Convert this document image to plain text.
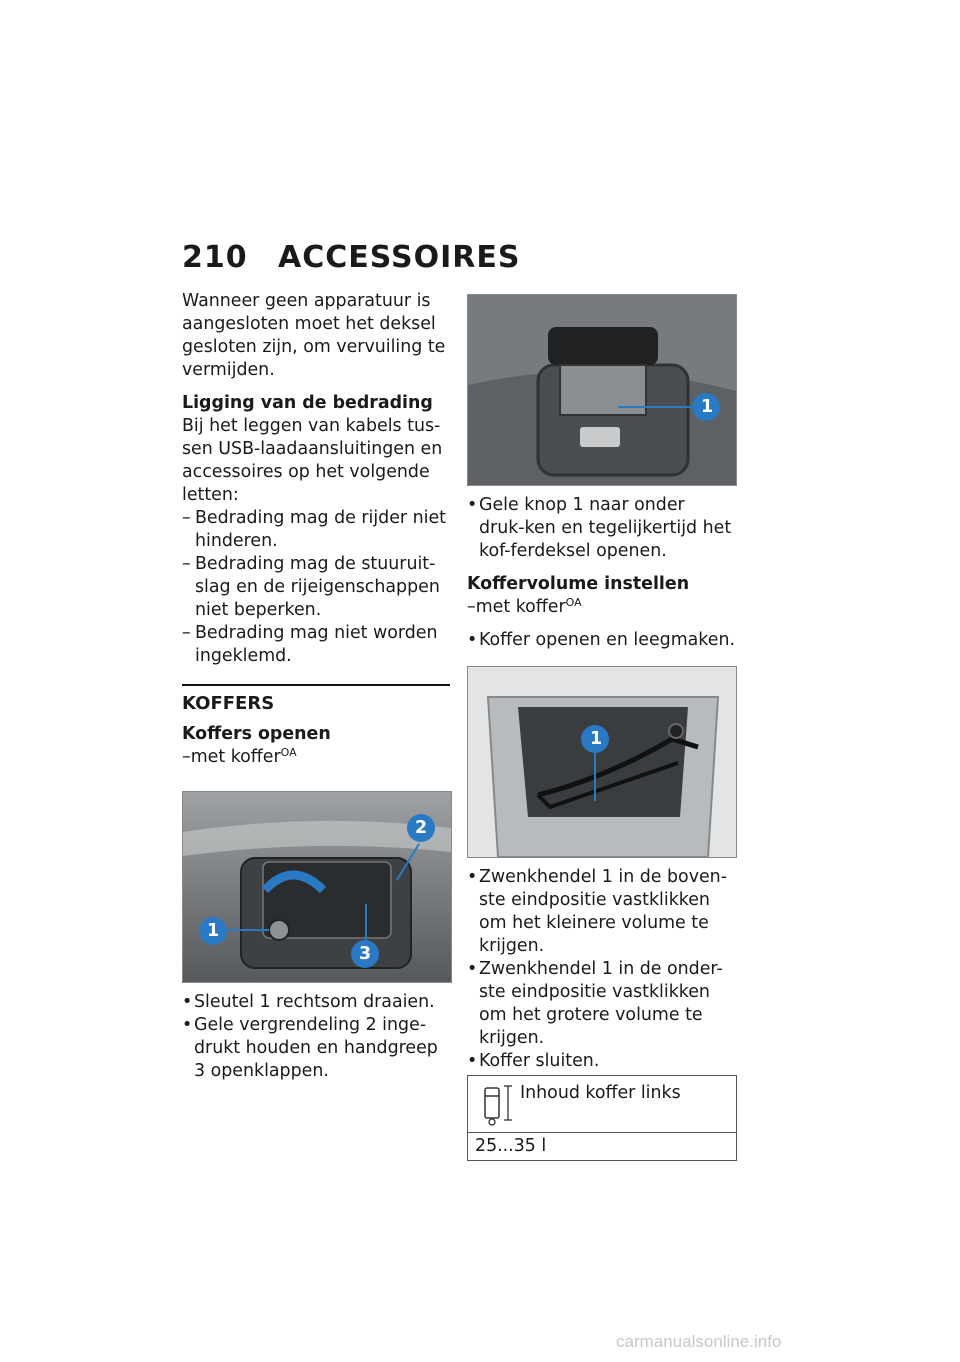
210 ACCESSOIRES

Wanneer geen apparatuur is aangesloten moet het deksel gesloten zijn, om vervuiling te vermijden.

Ligging van de bedrading
Bij het leggen van kabels tus-sen USB-laadaansluitingen en accessoires op het volgende letten:
– Bedrading mag de rijder niet hinderen.
– Bedrading mag de stuuruit-slag en de rijeigenschappen niet beperken.
– Bedrading mag niet worden ingeklemd.
KOFFERS
Koffers openen
–met koffer$^{OA}$
1
2
3
• Sleutel 1 rechtsom draaien.
• Gele vergrendeling 2 inge-drukt houden en handgreep 3 openklappen.
1
• Gele knop 1 naar onder druk-ken en tegelijkertijd het kof-ferdeksel openen.
Koffervolume instellen
–met koffer$^{OA}$
• Koffer openen en leegmaken.
1
• Zwenkhendel 1 in de boven-ste eindpositie vastklikken om het kleinere volume te krijgen.
• Zwenkhendel 1 in de onder-ste eindpositie vastklikken om het grotere volume te krijgen.
• Koffer sluiten.
Inhoud koffer links
25...35 l
carmanualsonline.info
